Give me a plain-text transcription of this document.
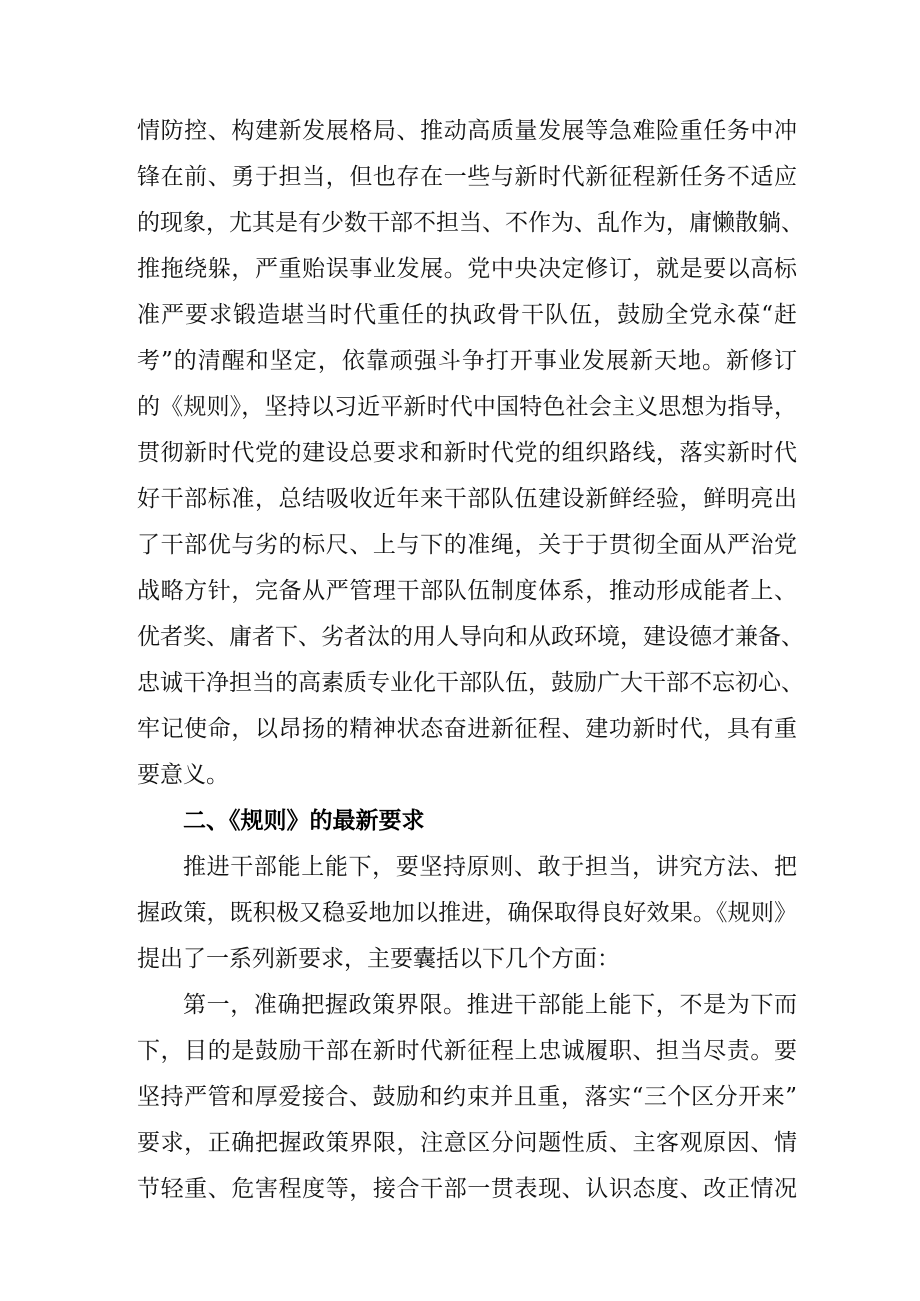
情防控、构建新发展格局、推动高质量发展等急难险重任务中冲
锋在前、勇于担当，但也存在一些与新时代新征程新任务不适应
的现象，尤其是有少数干部不担当、不作为、乱作为，庸懒散躺、
推拖绕躲，严重贻误事业发展。党中央决定修订，就是要以高标
准严要求锻造堪当时代重任的执政骨干队伍，鼓励全党永葆“赶
考”的清醒和坚定，依靠顽强斗争打开事业发展新天地。新修订
的《规则》，坚持以习近平新时代中国特色社会主义思想为指导，
贯彻新时代党的建设总要求和新时代党的组织路线，落实新时代
好干部标准，总结吸收近年来干部队伍建设新鲜经验，鲜明亮出
了干部优与劣的标尺、上与下的准绳，关于于贯彻全面从严治党
战略方针，完备从严管理干部队伍制度体系，推动形成能者上、
优者奖、庸者下、劣者汰的用人导向和从政环境，建设德才兼备、
忠诚干净担当的高素质专业化干部队伍，鼓励广大干部不忘初心、
牢记使命，以昂扬的精神状态奋进新征程、建功新时代，具有重
要意义。
二、《规则》的最新要求
推进干部能上能下，要坚持原则、敢于担当，讲究方法、把
握政策，既积极又稳妥地加以推进，确保取得良好效果。《规则》
提出了一系列新要求，主要囊括以下几个方面：
第一，准确把握政策界限。推进干部能上能下，不是为下而
下，目的是鼓励干部在新时代新征程上忠诚履职、担当尽责。要
坚持严管和厚爱接合、鼓励和约束并且重，落实“三个区分开来”
要求，正确把握政策界限，注意区分问题性质、主客观原因、情
节轻重、危害程度等，接合干部一贯表现、认识态度、改正情况
